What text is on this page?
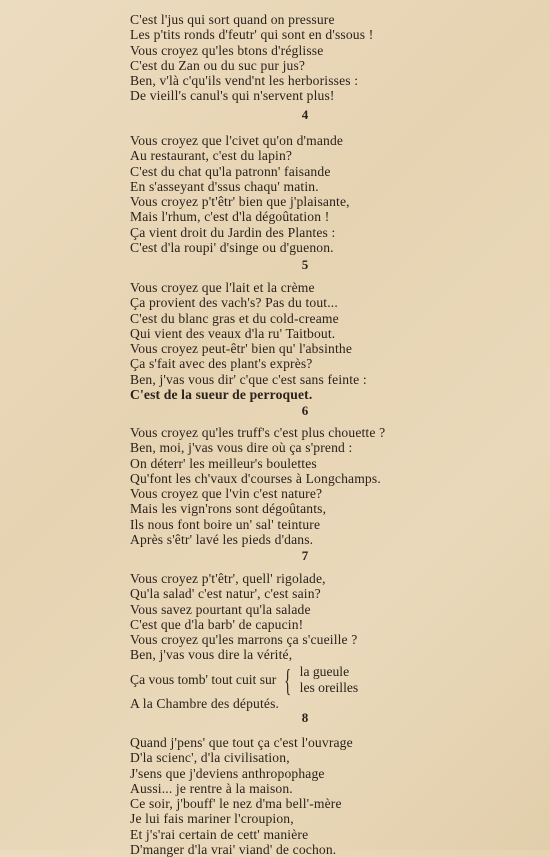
C'est l'jus qui sort quand on pressure
Les p'tits ronds d'feutr' qui sont en d'ssous !
Vous croyez qu'les btons d'réglisse
C'est du Zan ou du suc pur jus?
Ben, v'là c'qu'ils vend'nt les herborisses :
De vieill's canul's qui n'servent plus!
4
Vous croyez que l'civet qu'on d'mande
Au restaurant, c'est du lapin?
C'est du chat qu'la patronn' faisande
En s'asseyant d'ssus chaqu' matin.
Vous croyez p't'êtr' bien que j'plaisante,
Mais l'rhum, c'est d'la dégoûtation !
Ça vient droit du Jardin des Plantes :
C'est d'la roupi' d'singe ou d'guenon.
5
Vous croyez que l'lait et la crème
Ça provient des vach's? Pas du tout...
C'est du blanc gras et du cold-creame
Qui vient des veaux d'la ru' Taitbout.
Vous croyez peut-êtr' bien qu' l'absinthe
Ça s'fait avec des plant's exprès?
Ben, j'vas vous dir' c'que c'est sans feinte :
C'est de la sueur de perroquet.
6
Vous croyez qu'les truff's c'est plus chouette ?
Ben, moi, j'vas vous dire où ça s'prend :
On déterr' les meilleur's boulettes
Qu'font les ch'vaux d'courses à Longchamps.
Vous croyez que l'vin c'est nature?
Mais les vign'rons sont dégoûtants,
Ils nous font boire un' sal' teinture
Après s'êtr' lavé les pieds d'dans.
7
Vous croyez p't'êtr', quell' rigolade,
Qu'la salad' c'est natur', c'est sain?
Vous savez pourtant qu'la salade
C'est que d'la barb' de capucin!
Vous croyez qu'les marrons ça s'cueille ?
Ben, j'vas vous dire la vérité,
Ça vous tomb' tout cuit sur { la gueule
les oreilles
A la Chambre des députés.
8
Quand j'pens' que tout ça c'est l'ouvrage
D'la scienc', d'la civilisation,
J'sens que j'deviens anthropophage
Aussi... je rentre à la maison.
Ce soir, j'bouff' le nez d'ma bell'-mère
Je lui fais mariner l'croupion,
Et j's'rai certain de cett' manière
D'manger d'la vrai' viand' de cochon.
